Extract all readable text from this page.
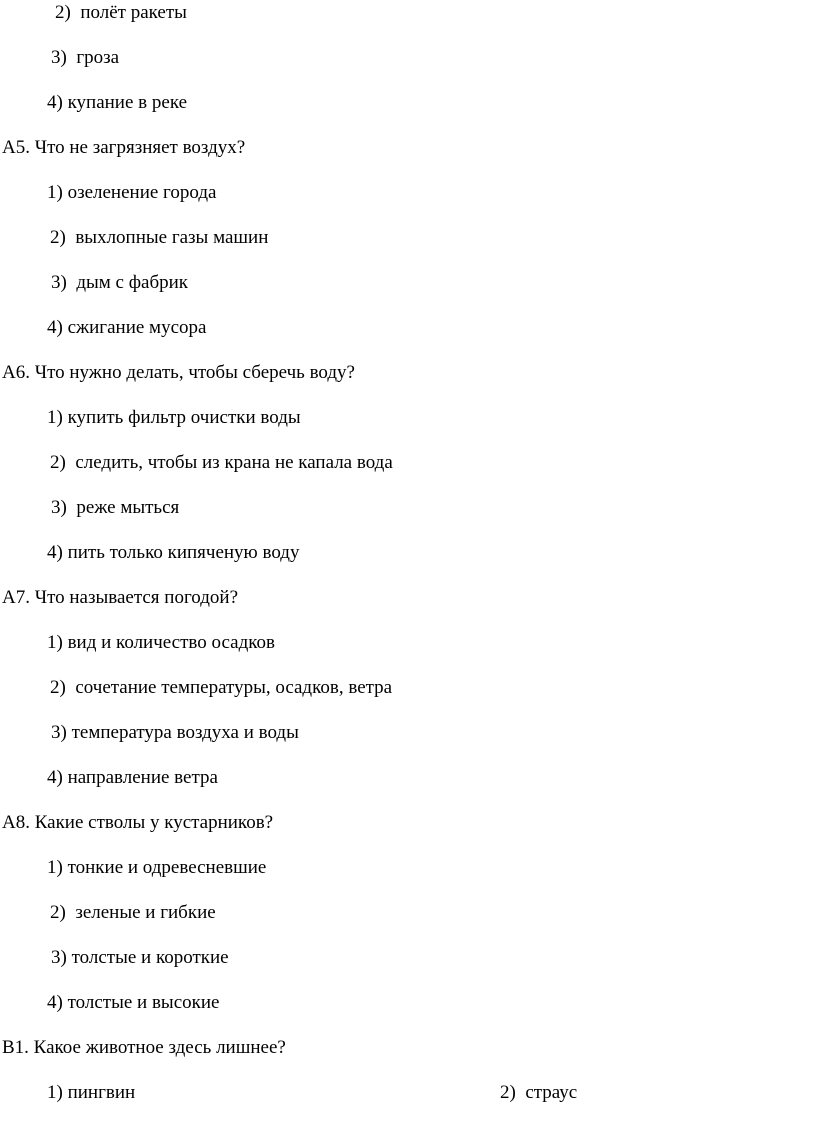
2)  полёт ракеты
3)  гроза
4) купание в реке
А5. Что не загрязняет воздух?
1) озеленение города
2)  выхлопные газы машин
3)  дым с фабрик
4) сжигание мусора
А6. Что нужно делать, чтобы сберечь воду?
1) купить фильтр очистки воды
2)  следить, чтобы из крана не капала вода
3)  реже мыться
4) пить только кипяченую воду
А7. Что называется погодой?
1) вид и количество осадков
2)  сочетание температуры, осадков, ветра
3) температура воздуха и воды
4) направление ветра
А8. Какие стволы у кустарников?
1) тонкие и одревесневшие
2)  зеленые и гибкие
3) толстые и короткие
4) толстые и высокие
В1. Какое животное здесь лишнее?
1) пингвин	2)  страус
